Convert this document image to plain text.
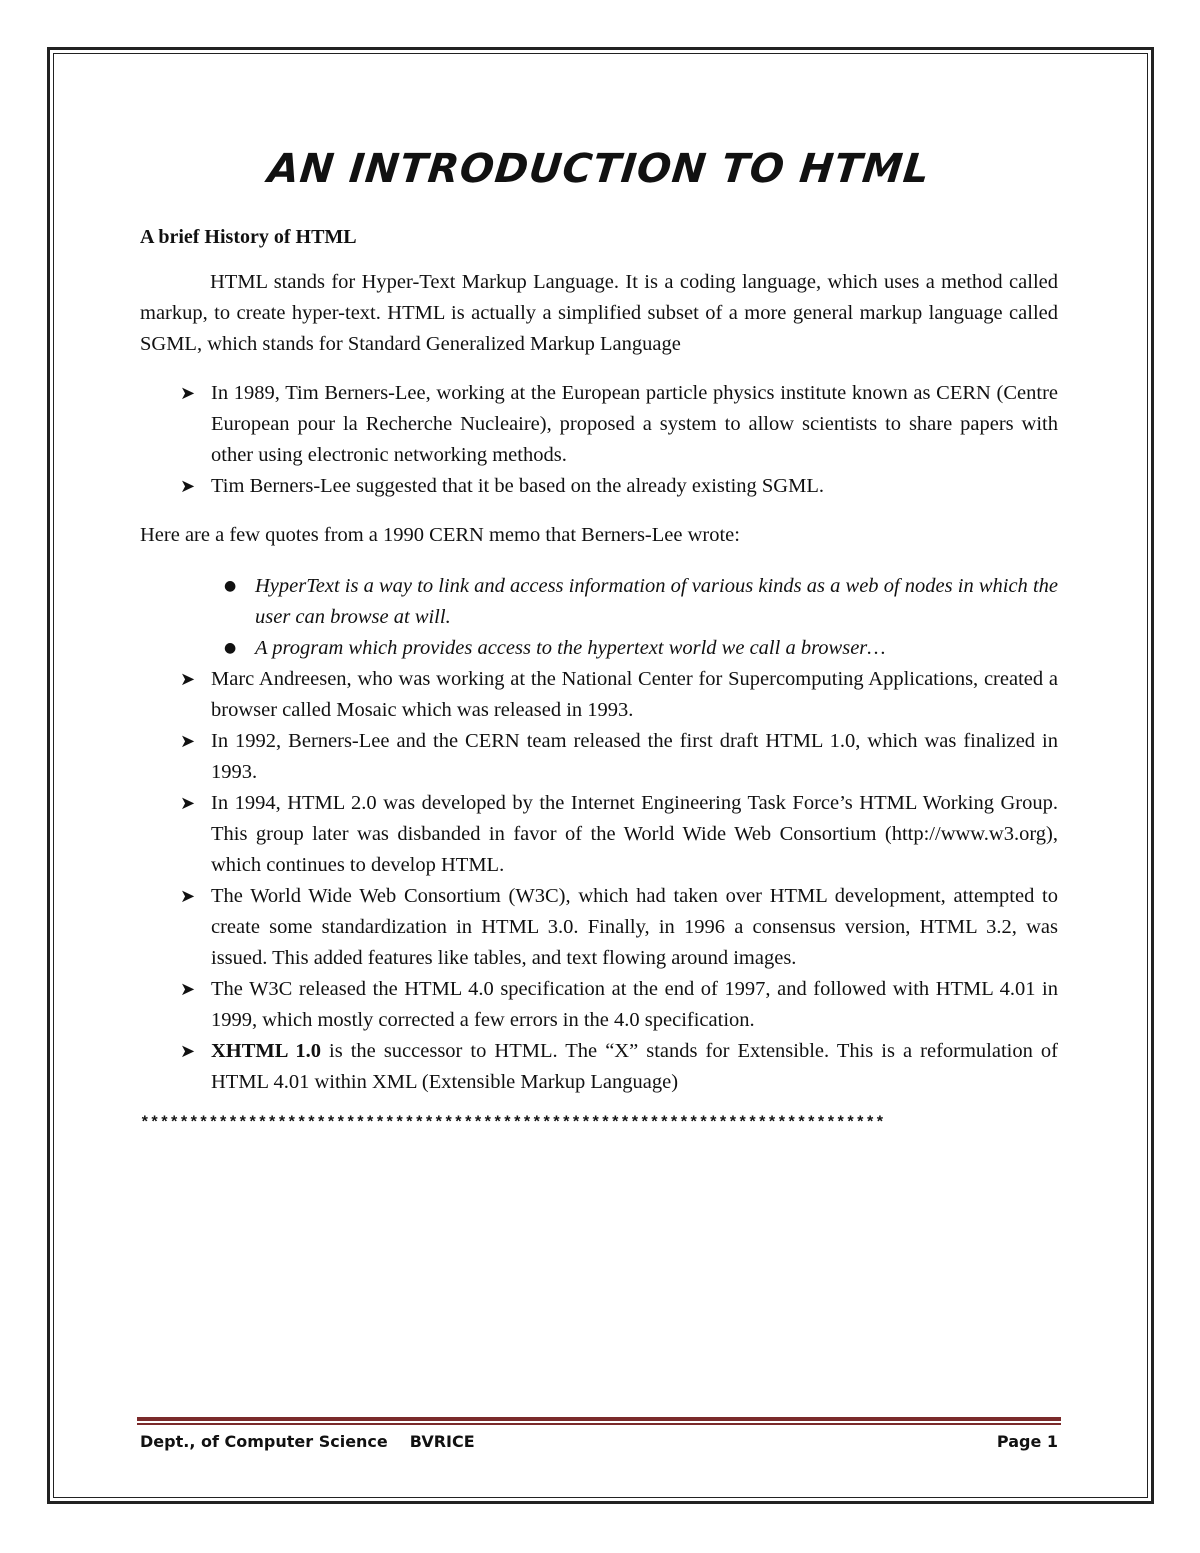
AN INTRODUCTION TO HTML
A brief History of HTML

HTML stands for Hyper-Text Markup Language. It is a coding language, which uses a method called markup, to create hyper-text. HTML is actually a simplified subset of a more general markup language called SGML, which stands for Standard Generalized Markup Language

➤ In 1989, Tim Berners-Lee, working at the European particle physics institute known as CERN (Centre European pour la Recherche Nucleaire), proposed a system to allow scientists to share papers with other using electronic networking methods.
➤ Tim Berners-Lee suggested that it be based on the already existing SGML.

Here are a few quotes from a 1990 CERN memo that Berners-Lee wrote:

● HyperText is a way to link and access information of various kinds as a web of nodes in which the user can browse at will.
● A program which provides access to the hypertext world we call a browser…
➤ Marc Andreesen, who was working at the National Center for Supercomputing Applications, created a browser called Mosaic which was released in 1993.
➤ In 1992, Berners-Lee and the CERN team released the first draft HTML 1.0, which was finalized in 1993.
➤ In 1994, HTML 2.0 was developed by the Internet Engineering Task Force’s HTML Working Group. This group later was disbanded in favor of the World Wide Web Consortium (http://www.w3.org), which continues to develop HTML.
➤ The World Wide Web Consortium (W3C), which had taken over HTML development, attempted to create some standardization in HTML 3.0. Finally, in 1996 a consensus version, HTML 3.2, was issued. This added features like tables, and text flowing around images.
➤ The W3C released the HTML 4.0 specification at the end of 1997, and followed with HTML 4.01 in 1999, which mostly corrected a few errors in the 4.0 specification.
➤ XHTML 1.0 is the successor to HTML. The “X” stands for Extensible. This is a reformulation of HTML 4.01 within XML (Extensible Markup Language)
****************************************************************************
Dept., of Computer Science BVRICE	Page 1
